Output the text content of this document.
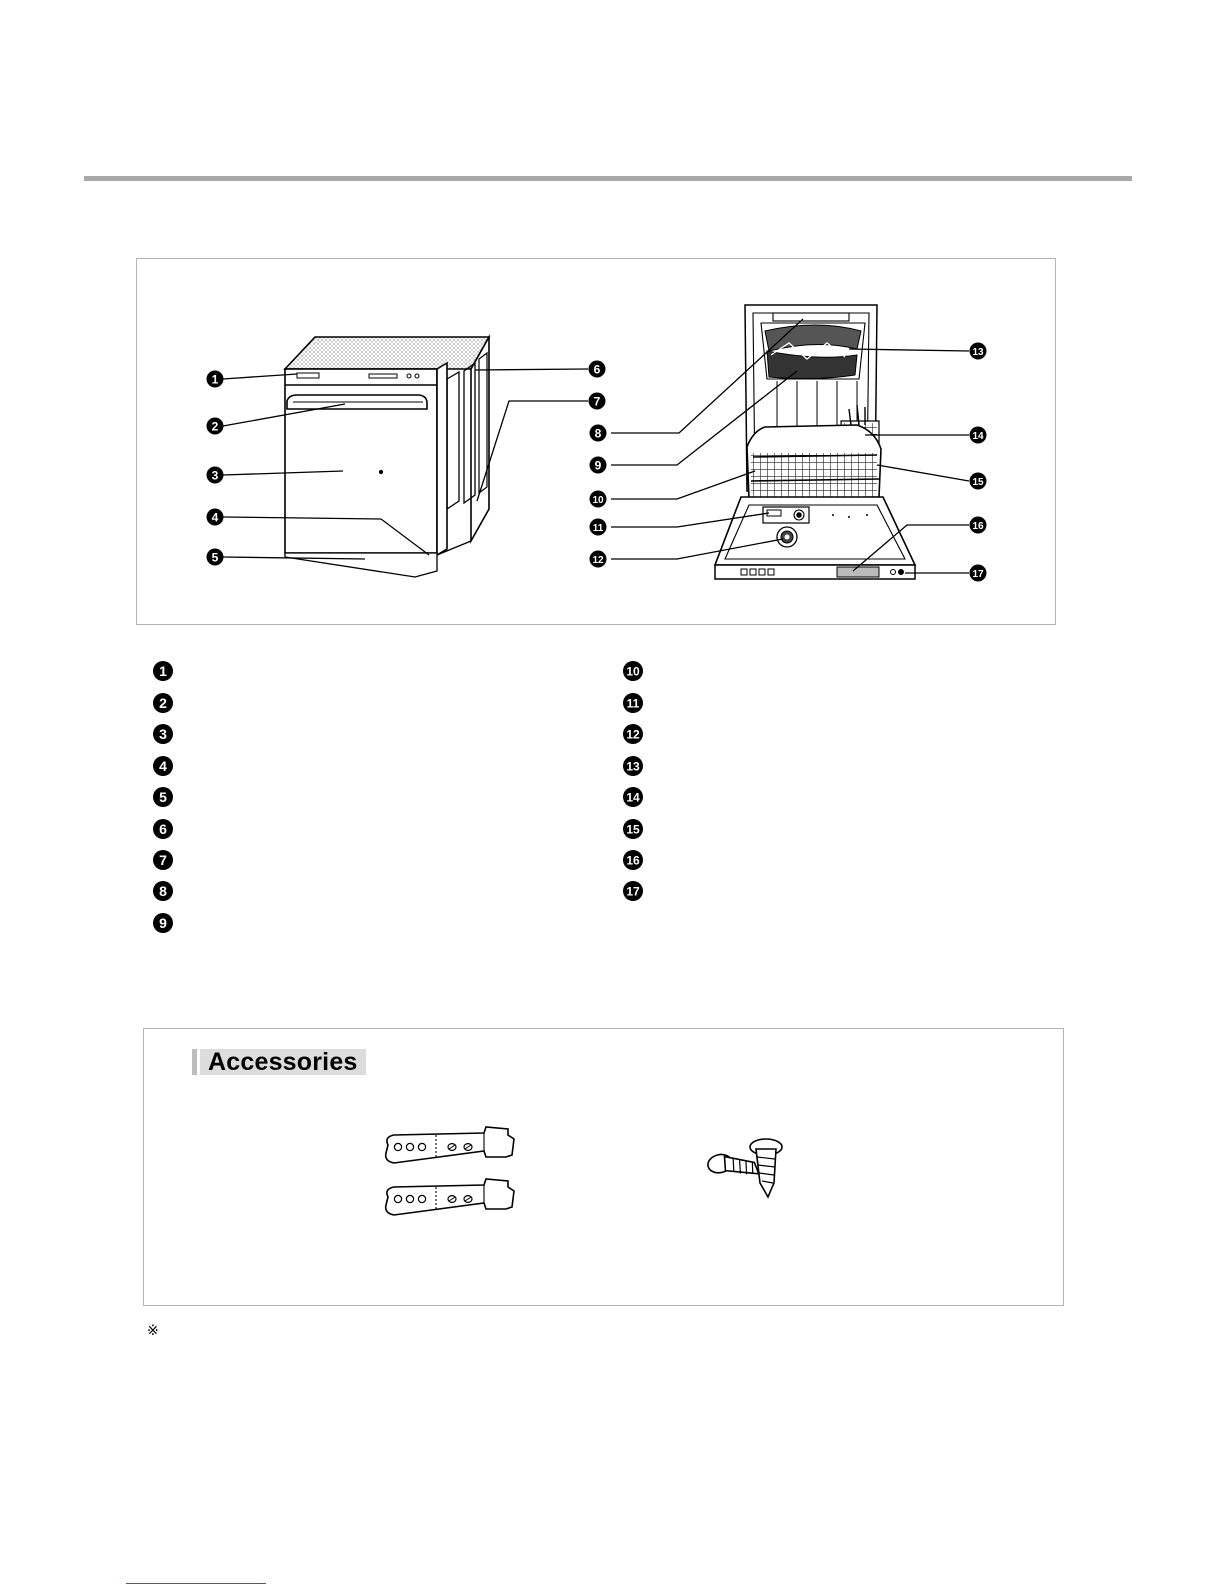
1
2
3
4
5
6
7
8
9
10
11
12
13
14
15
16
17
1
2
3
4
5
6
7
8
9
10
11
12
13
14
15
16
17
Accessories
※
